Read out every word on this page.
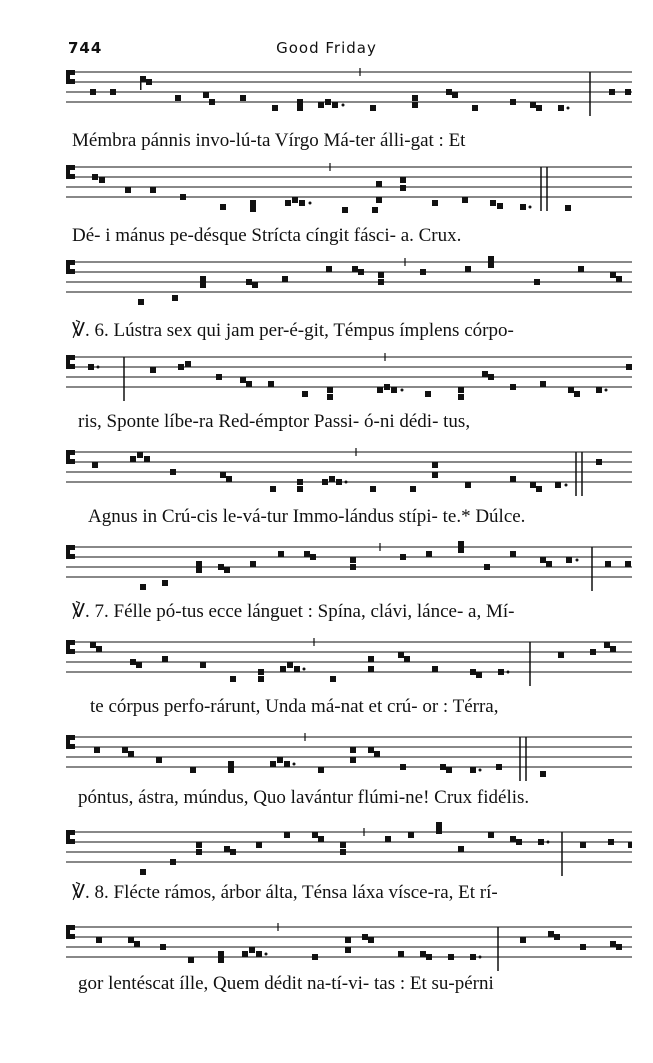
744	Good Friday
Mémbra pánnis invo-lú-ta Vírgo Má-ter álli-gat : Et
Dé- i mánus pe-désque Strícta cíngit fásci- a. Crux.
℣. 6. Lústra sex qui jam per-é-git, Témpus ímplens córpo-
ris, Sponte líbe-ra Red-émptor Passi- ó-ni dédi- tus,
Agnus in Crú-cis le-vá-tur Immo-lándus stípi- te.* Dúlce.
℣. 7. Félle pó-tus ecce lánguet : Spína, clávi, lánce- a, Mí-
te córpus perfo-rárunt, Unda má-nat et crú- or : Térra,
póntus, ástra, múndus, Quo lavántur flúmi-ne! Crux fidélis.
℣. 8. Flécte rámos, árbor álta, Ténsa láxa vísce-ra, Et rí-
gor lentéscat ílle, Quem dédit na-tí-vi- tas : Et su-pérni
